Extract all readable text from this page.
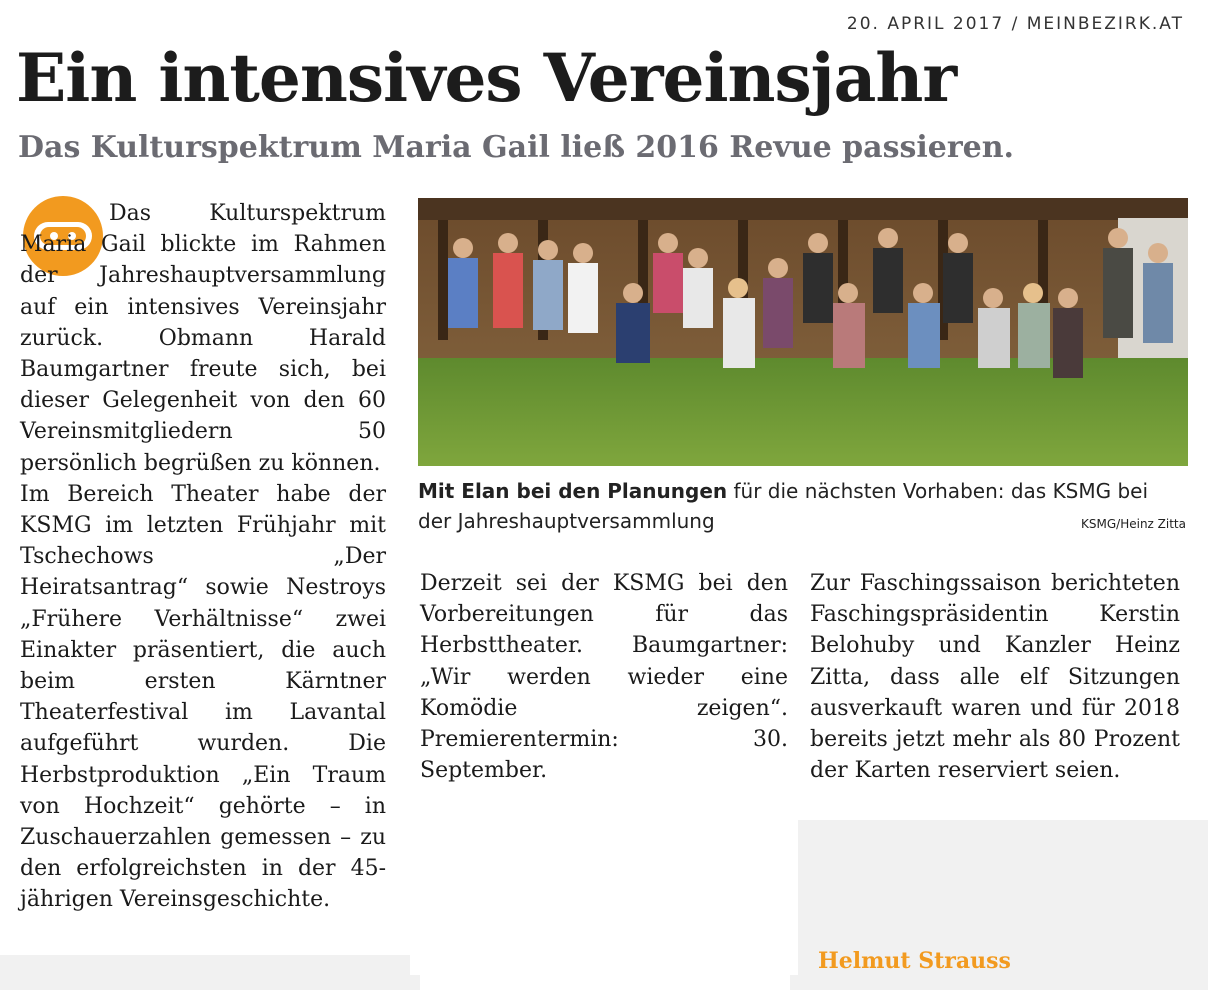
20. APRIL 2017 / MEINBEZIRK.AT
Ein intensives Vereinsjahr
Das Kulturspektrum Maria Gail ließ 2016 Revue passieren.

Das Kulturspektrum Maria Gail blickte im Rahmen der Jahreshauptversammlung auf ein intensives Vereinsjahr zurück. Obmann Harald Baumgartner freute sich, bei dieser Gelegenheit von den 60 Vereinsmitgliedern 50 persönlich begrüßen zu können.

Im Bereich Theater habe der KSMG im letzten Frühjahr mit Tschechows „Der Heiratsantrag“ sowie Nestroys „Frühere Verhältnisse“ zwei Einakter präsentiert, die auch beim ersten Kärntner Theaterfestival im Lavantal aufgeführt wurden. Die Herbstproduktion „Ein Traum von Hochzeit“ gehörte – in Zuschauerzahlen gemessen – zu den erfolgreichsten in der 45-jährigen Vereinsgeschichte.

Mit Elan bei den Planungen für die nächsten Vorhaben: das KSMG bei der Jahreshauptversammlung	KSMG/Heinz Zitta

Derzeit sei der KSMG bei den Vorbereitungen für das Herbsttheater. Baumgartner: „Wir werden wieder eine Komödie zeigen“. Premierentermin: 30. September.

Zur Faschingssaison berichteten Faschingspräsidentin Kerstin Belohuby und Kanzler Heinz Zitta, dass alle elf Sitzungen ausverkauft waren und für 2018 bereits jetzt mehr als 80 Prozent der Karten reserviert seien.

Helmut Strauss
